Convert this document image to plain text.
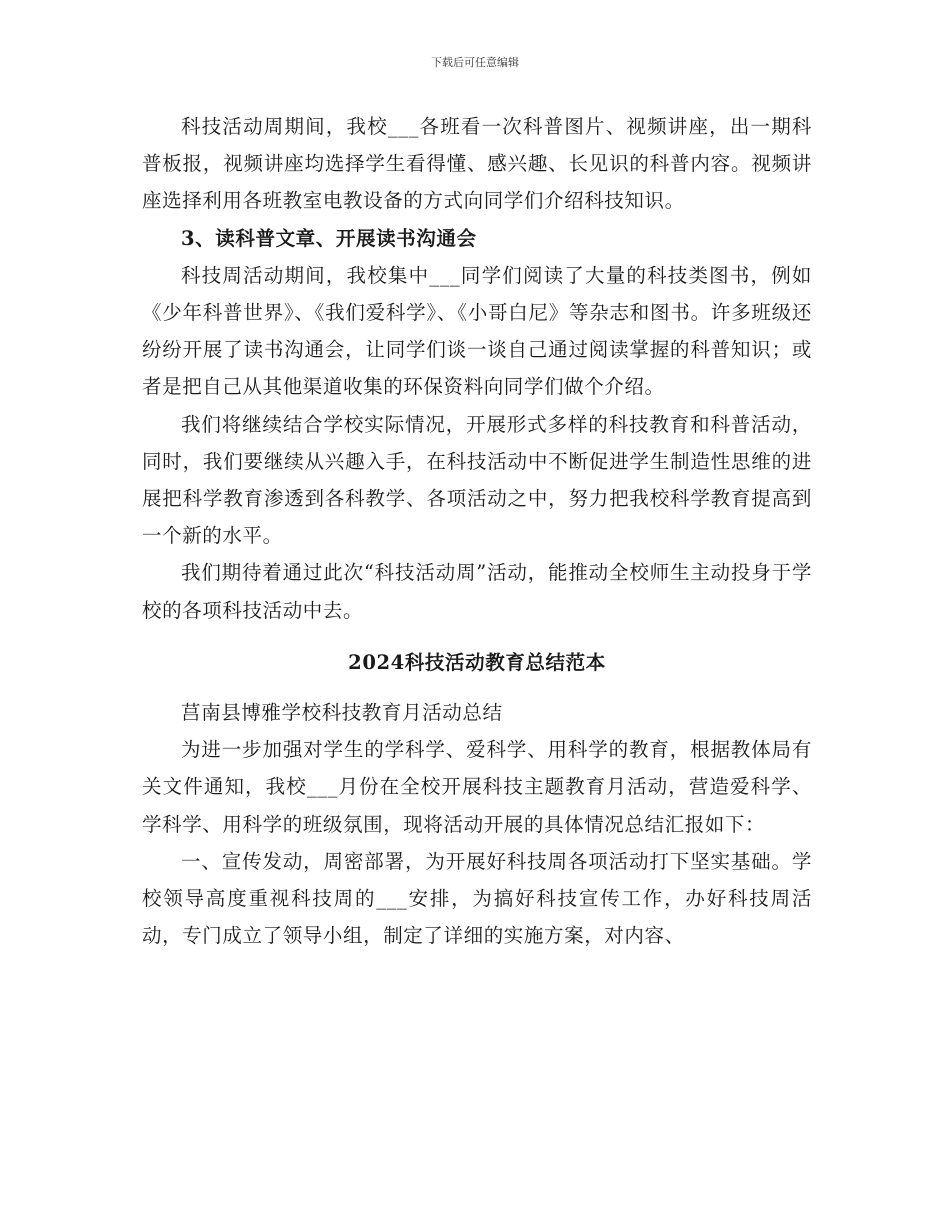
下载后可任意编辑

科技活动周期间，我校___各班看一次科普图片、视频讲座，出一期科普板报，视频讲座均选择学生看得懂、感兴趣、长见识的科普内容。视频讲座选择利用各班教室电教设备的方式向同学们介绍科技知识。

3、读科普文章、开展读书沟通会

科技周活动期间，我校集中___同学们阅读了大量的科技类图书，例如《少年科普世界》、《我们爱科学》、《小哥白尼》等杂志和图书。许多班级还纷纷开展了读书沟通会，让同学们谈一谈自己通过阅读掌握的科普知识；或者是把自己从其他渠道收集的环保资料向同学们做个介绍。

我们将继续结合学校实际情况，开展形式多样的科技教育和科普活动，同时，我们要继续从兴趣入手，在科技活动中不断促进学生制造性思维的进展把科学教育渗透到各科教学、各项活动之中，努力把我校科学教育提高到一个新的水平。

我们期待着通过此次“科技活动周”活动，能推动全校师生主动投身于学校的各项科技活动中去。

2024科技活动教育总结范本

莒南县博雅学校科技教育月活动总结

为进一步加强对学生的学科学、爱科学、用科学的教育，根据教体局有关文件通知，我校___月份在全校开展科技主题教育月活动，营造爱科学、学科学、用科学的班级氛围，现将活动开展的具体情况总结汇报如下：

一、宣传发动，周密部署，为开展好科技周各项活动打下坚实基础。学校领导高度重视科技周的___安排，为搞好科技宣传工作，办好科技周活动，专门成立了领导小组，制定了详细的实施方案，对内容、
